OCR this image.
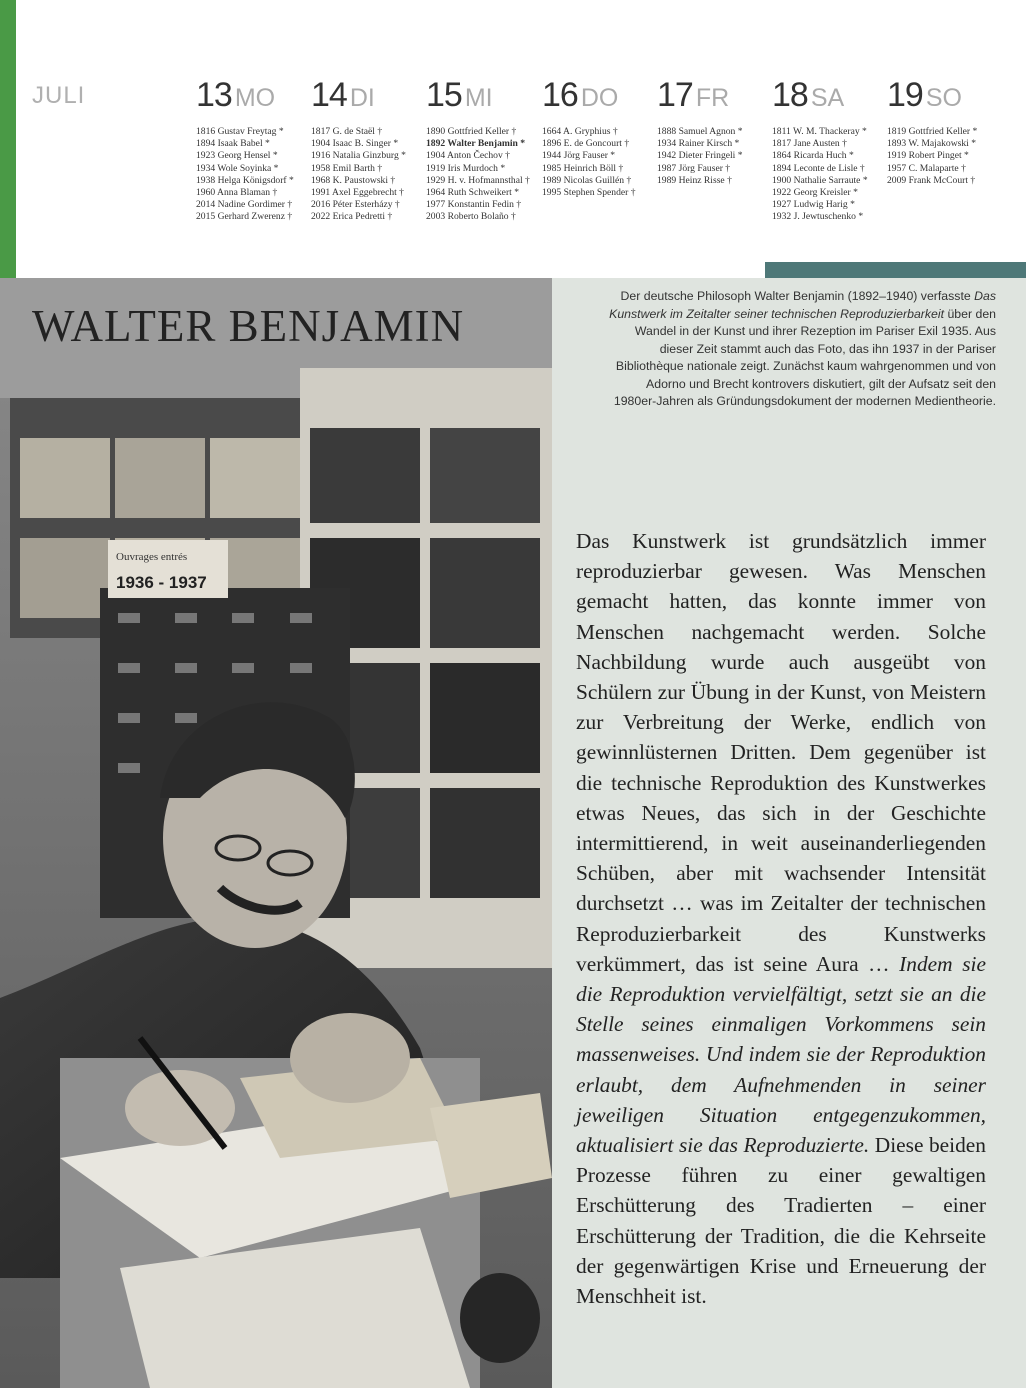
JULI	13 MO
1816 Gustav Freytag *
1894 Isaak Babel *
1923 Georg Hensel *
1934 Wole Soyinka *
1938 Helga Königsdorf *
1960 Anna Blaman †
2014 Nadine Gordimer †
2015 Gerhard Zwerenz †
14 DI
1817 G. de Staël †
1904 Isaac B. Singer *
1916 Natalia Ginzburg *
1958 Emil Barth †
1968 K. Paustowski †
1991 Axel Eggebrecht †
2016 Péter Esterházy †
2022 Erica Pedretti †
15 MI
1890 Gottfried Keller †
1892 Walter Benjamin *
1904 Anton Čechov †
1919 Iris Murdoch *
1929 H. v. Hofmannsthal †
1964 Ruth Schweikert *
1977 Konstantin Fedin †
2003 Roberto Bolaño †
16 DO
1664 A. Gryphius †
1896 E. de Goncourt †
1944 Jörg Fauser *
1985 Heinrich Böll †
1989 Nicolas Guillén †
1995 Stephen Spender †
17 FR
1888 Samuel Agnon *
1934 Rainer Kirsch *
1942 Dieter Fringeli *
1987 Jörg Fauser †
1989 Heinz Risse †
18 SA
1811 W. M. Thackeray *
1817 Jane Austen †
1864 Ricarda Huch *
1894 Leconte de Lisle †
1900 Nathalie Sarraute *
1922 Georg Kreisler *
1927 Ludwig Harig *
1932 J. Jewtuschenko *
19 SO
1819 Gottfried Keller *
1893 W. Majakowski *
1919 Robert Pinget *
1957 C. Malaparte †
2009 Frank McCourt †
Ouvrages entrés
1936 - 1937
WALTER BENJAMIN
Der deutsche Philosoph Walter Benjamin (1892–1940) verfasste Das Kunstwerk im Zeitalter seiner technischen Reproduzierbarkeit über den Wandel in der Kunst und ihrer Rezeption im Pariser Exil 1935. Aus dieser Zeit stammt auch das Foto, das ihn 1937 in der Pariser Bibliothèque nationale zeigt. Zunächst kaum wahrgenommen und von Adorno und Brecht kontrovers diskutiert, gilt der Aufsatz seit den 1980er-Jahren als Gründungsdokument der modernen Medientheorie.
Das Kunstwerk ist grundsätzlich immer reproduzierbar gewesen. Was Menschen gemacht hatten, das konnte immer von Menschen nachgemacht werden. Solche Nachbildung wurde auch ausgeübt von Schülern zur Übung in der Kunst, von Meistern zur Verbreitung der Werke, endlich von gewinnlüsternen Dritten. Dem gegenüber ist die technische Reproduktion des Kunstwerkes etwas Neues, das sich in der Geschichte intermittierend, in weit auseinanderliegenden Schüben, aber mit wachsender Intensität durchsetzt … was im Zeitalter der technischen Reproduzierbarkeit des Kunstwerks verkümmert, das ist seine Aura … Indem sie die Reproduktion vervielfältigt, setzt sie an die Stelle seines einmaligen Vorkommens sein massenweises. Und indem sie der Reproduktion erlaubt, dem Aufnehmenden in seiner jeweiligen Situation entgegenzukommen, aktualisiert sie das Reproduzierte. Diese beiden Prozesse führen zu einer gewaltigen Erschütterung des Tradierten – einer Erschütterung der Tradition, die die Kehrseite der gegenwärtigen Krise und Erneuerung der Menschheit ist.
